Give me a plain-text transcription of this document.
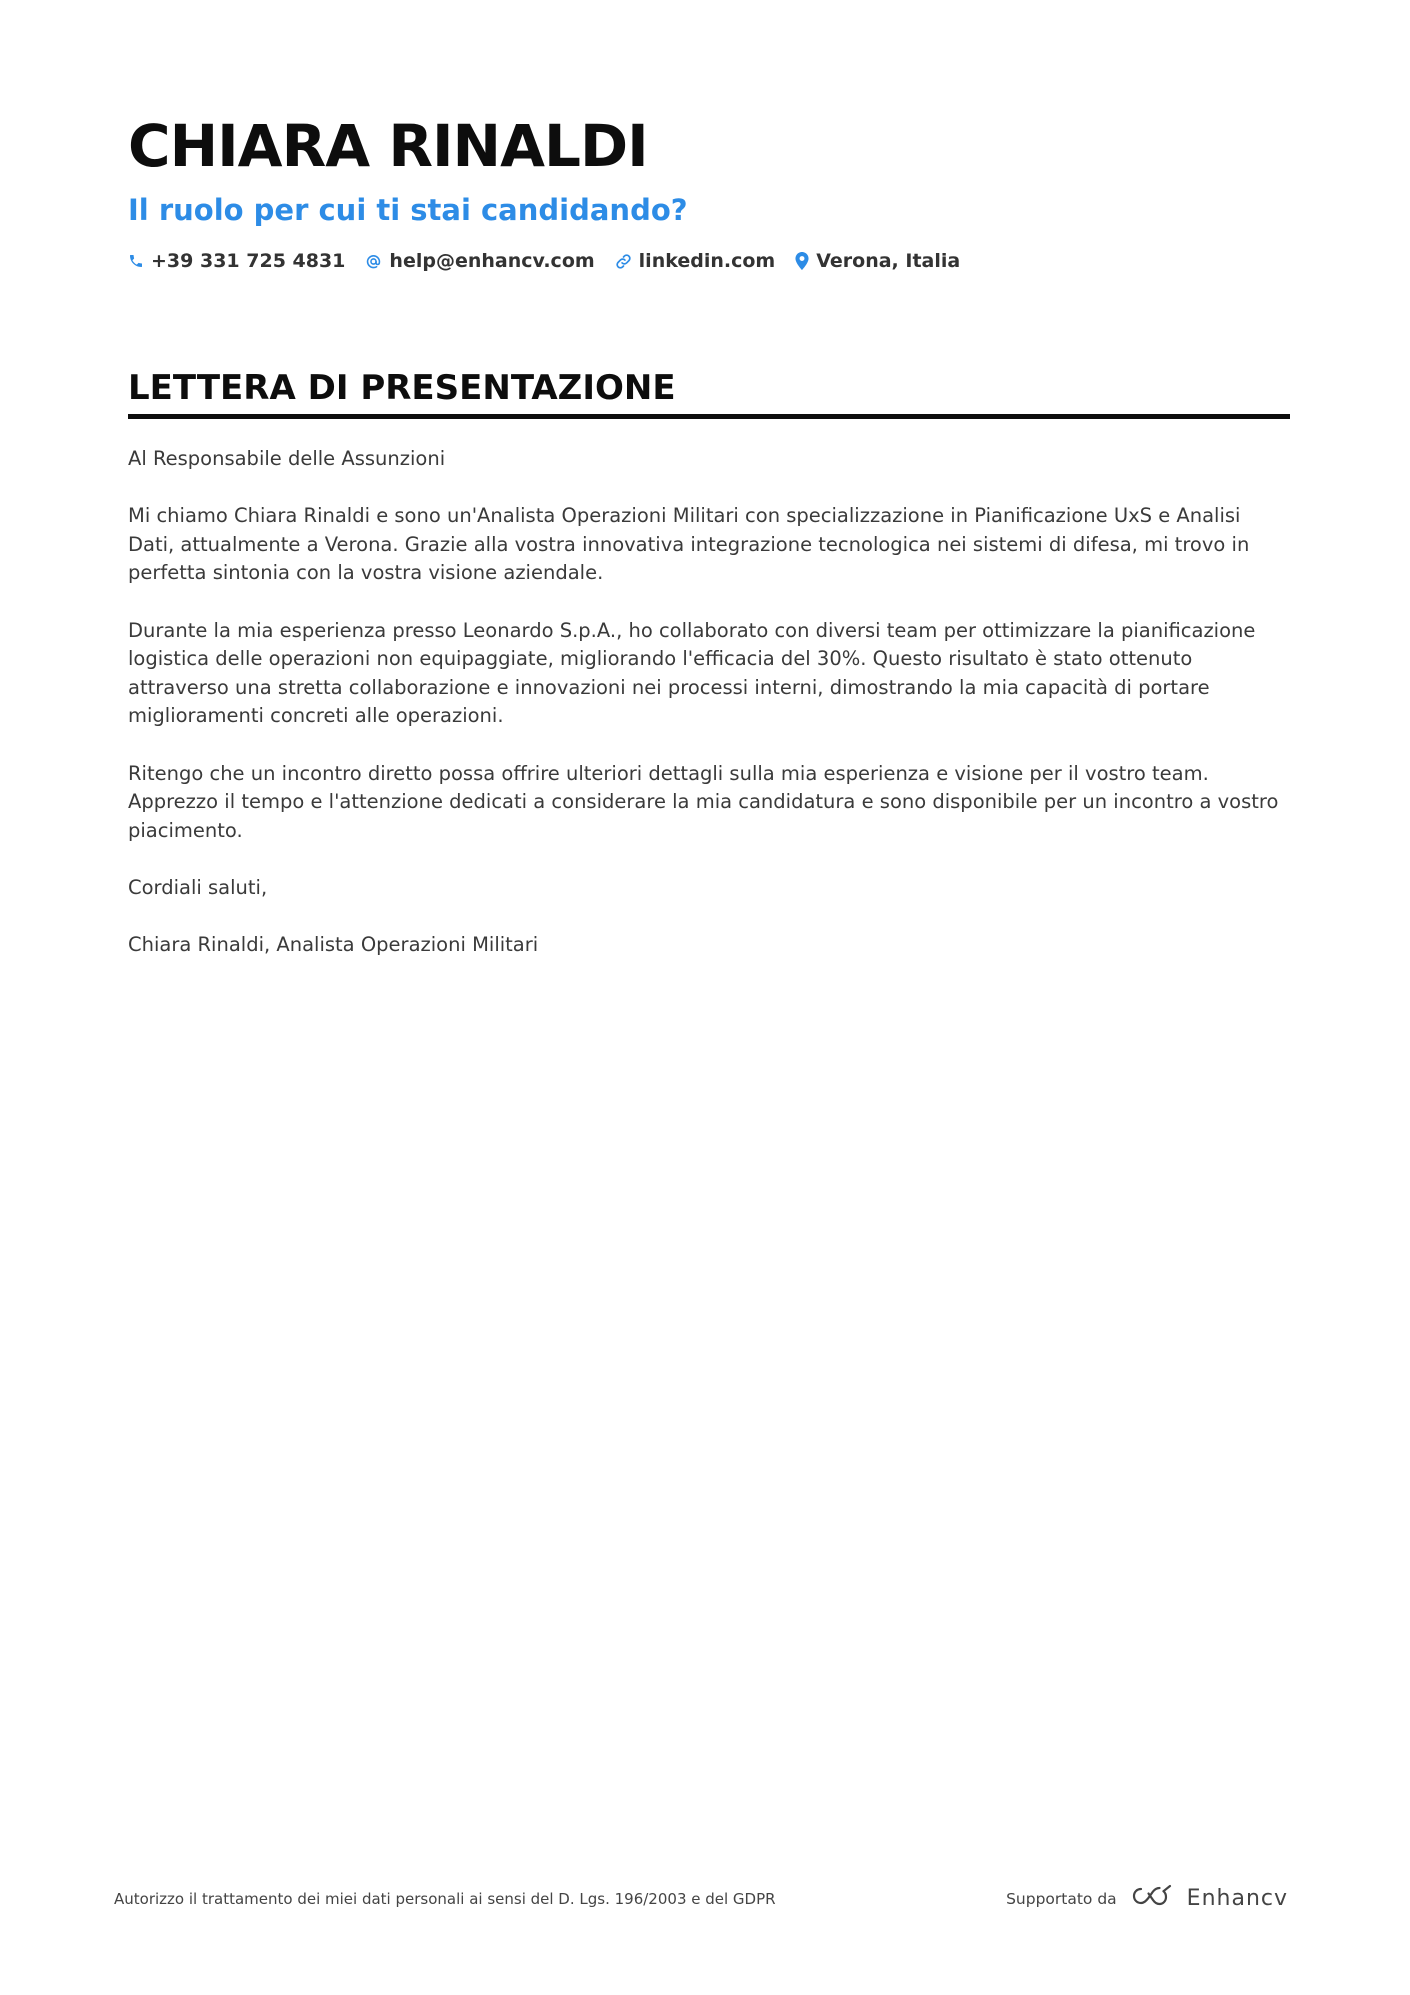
CHIARA RINALDI
Il ruolo per cui ti stai candidando?
+39 331 725 4831 help@enhancv.com linkedin.com Verona, Italia
LETTERA DI PRESENTAZIONE

Al Responsabile delle Assunzioni

Mi chiamo Chiara Rinaldi e sono un'Analista Operazioni Militari con specializzazione in Pianificazione UxS e Analisi Dati, attualmente a Verona. Grazie alla vostra innovativa integrazione tecnologica nei sistemi di difesa, mi trovo in perfetta sintonia con la vostra visione aziendale.

Durante la mia esperienza presso Leonardo S.p.A., ho collaborato con diversi team per ottimizzare la pianificazione logistica delle operazioni non equipaggiate, migliorando l'efficacia del 30%. Questo risultato è stato ottenuto attraverso una stretta collaborazione e innovazioni nei processi interni, dimostrando la mia capacità di portare miglioramenti concreti alle operazioni.

Ritengo che un incontro diretto possa offrire ulteriori dettagli sulla mia esperienza e visione per il vostro team. Apprezzo il tempo e l'attenzione dedicati a considerare la mia candidatura e sono disponibile per un incontro a vostro piacimento.

Cordiali saluti,

Chiara Rinaldi, Analista Operazioni Militari

Autorizzo il trattamento dei miei dati personali ai sensi del D. Lgs. 196/2003 e del GDPR	Supportato da	Enhancv
